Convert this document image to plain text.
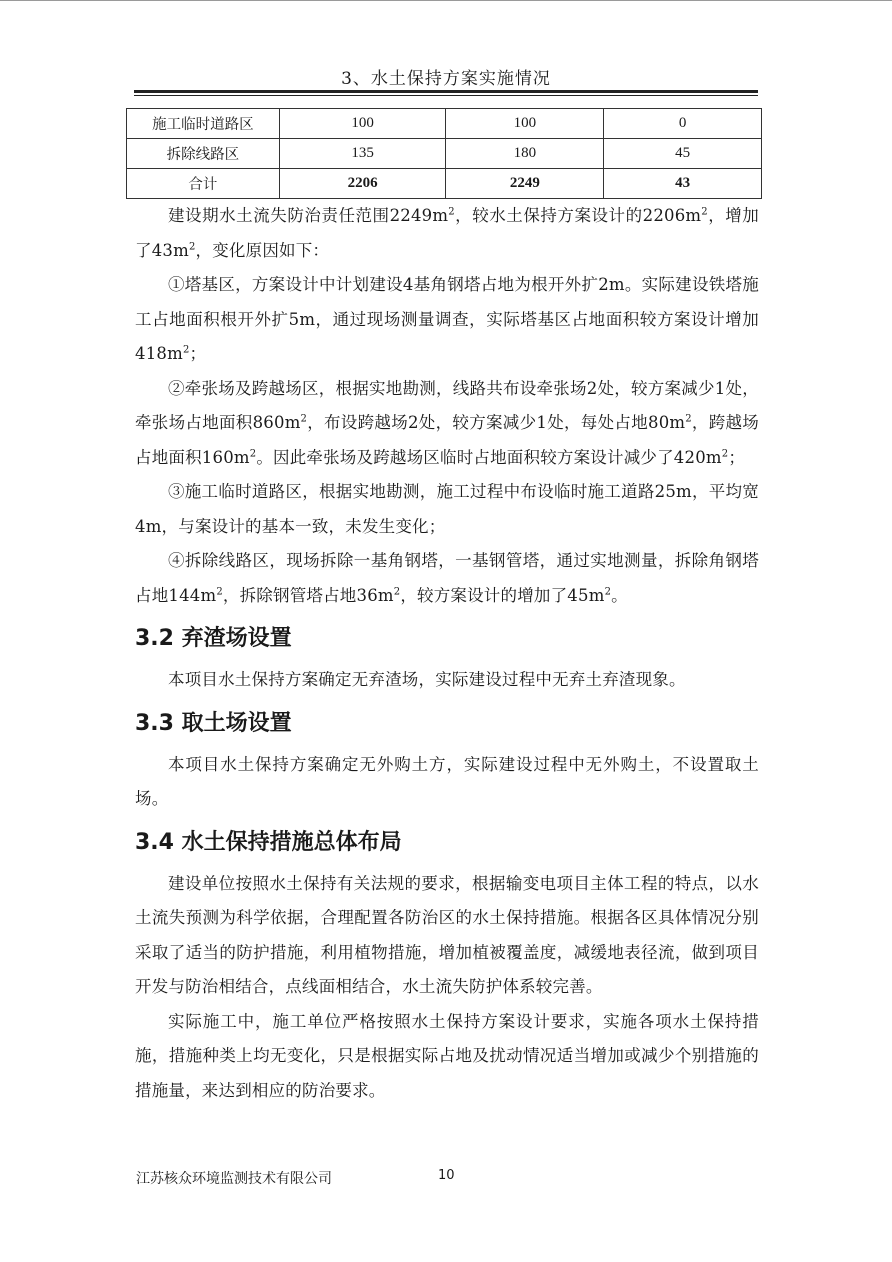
3、水土保持方案实施情况
施工临时道路区	100	100	0
拆除线路区	135	180	45
合计	2206	2249	43

建设期水土流失防治责任范围$2249m^2$，较水土保持方案设计的$2206m^2$，增加了$43m^2$，变化原因如下：

①塔基区，方案设计中计划建设4基角钢塔占地为根开外扩2m。实际建设铁塔施工占地面积根开外扩5m，通过现场测量调查，实际塔基区占地面积较方案设计增加$418m^2$；

②牵张场及跨越场区，根据实地勘测，线路共布设牵张场2处，较方案减少1处，牵张场占地面积$860m^2$，布设跨越场2处，较方案减少1处，每处占地$80m^2$，跨越场占地面积$160m^2$。因此牵张场及跨越场区临时占地面积较方案设计减少了$420m^2$；

③施工临时道路区，根据实地勘测，施工过程中布设临时施工道路25m，平均宽4m，与案设计的基本一致，未发生变化；

④拆除线路区，现场拆除一基角钢塔，一基钢管塔，通过实地测量，拆除角钢塔占地$144m^2$，拆除钢管塔占地$36m^2$，较方案设计的增加了$45m^2$。

3.2 弃渣场设置

本项目水土保持方案确定无弃渣场，实际建设过程中无弃土弃渣现象。

3.3 取土场设置

本项目水土保持方案确定无外购土方，实际建设过程中无外购土，不设置取土场。

3.4 水土保持措施总体布局

建设单位按照水土保持有关法规的要求，根据输变电项目主体工程的特点，以水土流失预测为科学依据，合理配置各防治区的水土保持措施。根据各区具体情况分别采取了适当的防护措施，利用植物措施，增加植被覆盖度，减缓地表径流，做到项目开发与防治相结合，点线面相结合，水土流失防护体系较完善。

实际施工中，施工单位严格按照水土保持方案设计要求，实施各项水土保持措施，措施种类上均无变化，只是根据实际占地及扰动情况适当增加或减少个别措施的措施量，来达到相应的防治要求。

江苏核众环境监测技术有限公司	10
